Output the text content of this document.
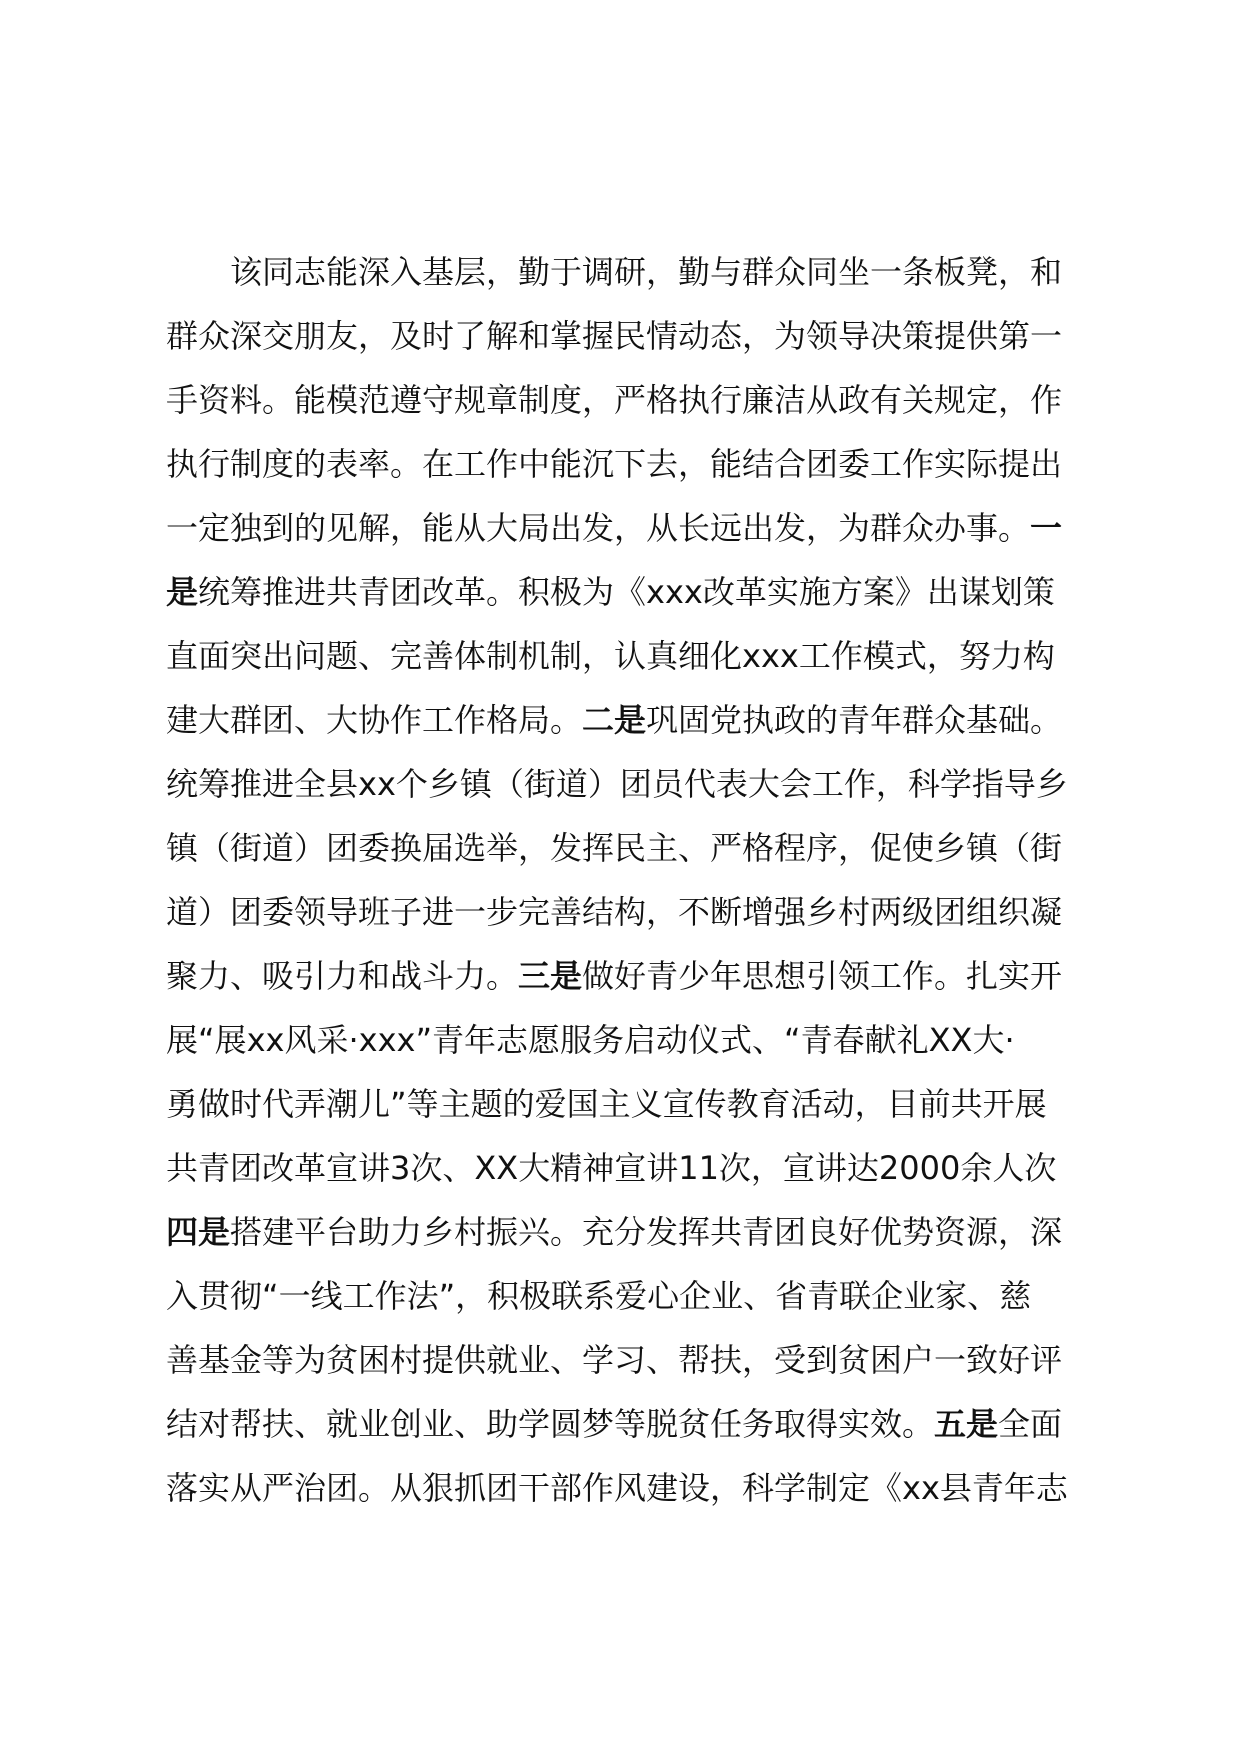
该同志能深入基层，勤于调研，勤与群众同坐一条板凳，和
群众深交朋友，及时了解和掌握民情动态，为领导决策提供第一
手资料。能模范遵守规章制度，严格执行廉洁从政有关规定，作
执行制度的表率。在工作中能沉下去，能结合团委工作实际提出
一定独到的见解，能从大局出发，从长远出发，为群众办事。一
是统筹推进共青团改革。积极为《xxx改革实施方案》出谋划策
直面突出问题、完善体制机制，认真细化xxx工作模式，努力构
建大群团、大协作工作格局。二是巩固党执政的青年群众基础。
统筹推进全县xx个乡镇（街道）团员代表大会工作，科学指导乡
镇（街道）团委换届选举，发挥民主、严格程序，促使乡镇（街
道）团委领导班子进一步完善结构，不断增强乡村两级团组织凝
聚力、吸引力和战斗力。三是做好青少年思想引领工作。扎实开
展“展xx风采·xxx”青年志愿服务启动仪式、“青春献礼XX大·
勇做时代弄潮儿”等主题的爱国主义宣传教育活动，目前共开展
共青团改革宣讲3次、XX大精神宣讲11次，宣讲达2000余人次
四是搭建平台助力乡村振兴。充分发挥共青团良好优势资源，深
入贯彻“一线工作法”，积极联系爱心企业、省青联企业家、慈
善基金等为贫困村提供就业、学习、帮扶，受到贫困户一致好评
结对帮扶、就业创业、助学圆梦等脱贫任务取得实效。五是全面
落实从严治团。从狠抓团干部作风建设，科学制定《xx县青年志
